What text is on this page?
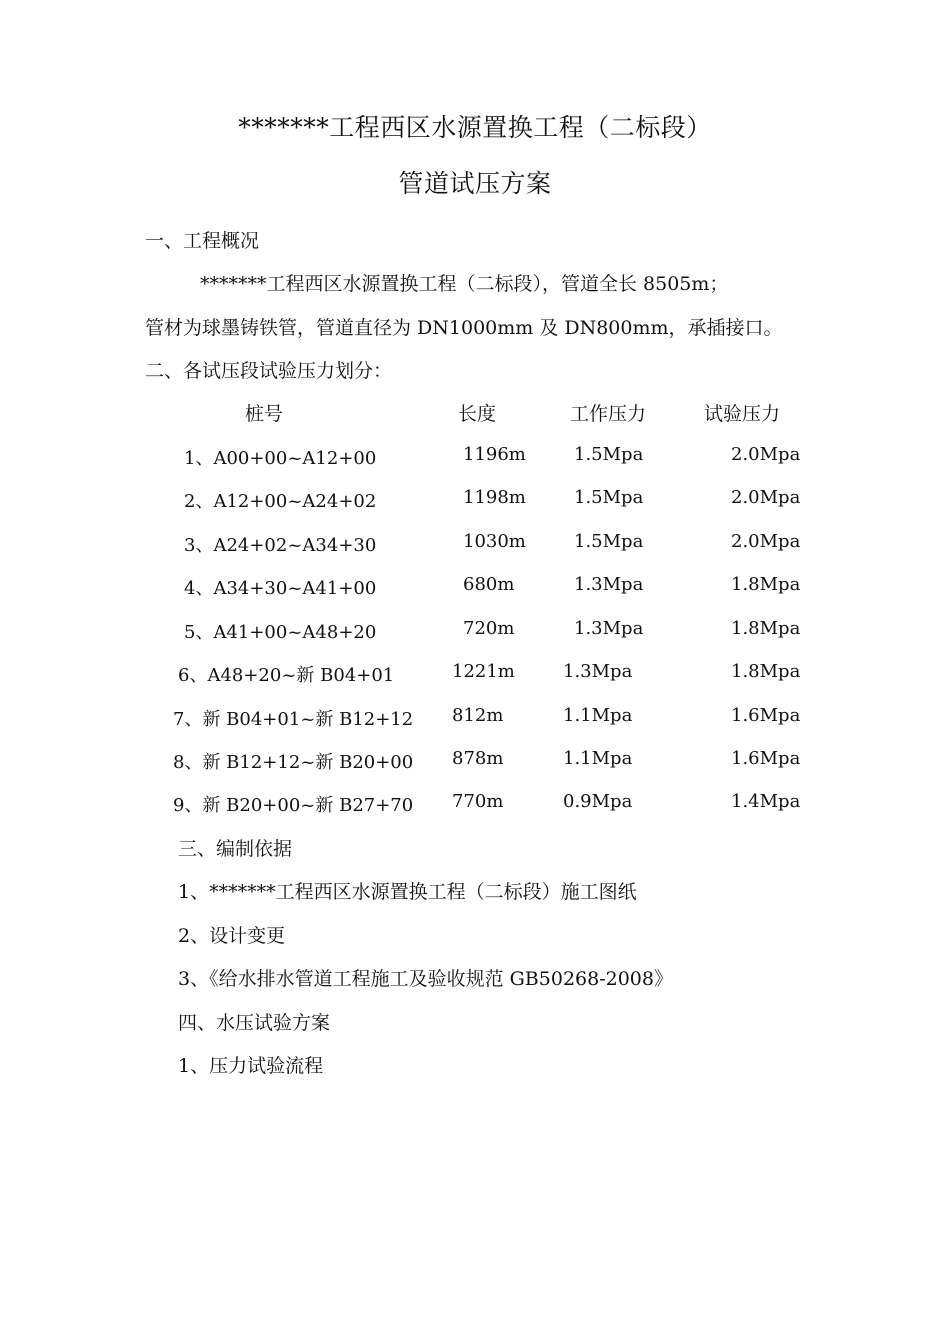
*******工程西区水源置换工程（二标段）
管道试压方案
一、工程概况
*******工程西区水源置换工程（二标段），管道全长 8505m；
管材为球墨铸铁管，管道直径为 DN1000mm 及 DN800mm，承插接口。
二、各试压段试验压力划分：
桩号	长度	工作压力	试验压力
1、A00+00~A12+00	1196m	1.5Mpa	2.0Mpa
2、A12+00~A24+02	1198m	1.5Mpa	2.0Mpa
3、A24+02~A34+30	1030m	1.5Mpa	2.0Mpa
4、A34+30~A41+00	680m	1.3Mpa	1.8Mpa
5、A41+00~A48+20	720m	1.3Mpa	1.8Mpa
6、A48+20~新 B04+01	1221m	1.3Mpa	1.8Mpa
7、新 B04+01~新 B12+12 812m	1.1Mpa	1.6Mpa
8、新 B12+12~新 B20+00 878m	1.1Mpa	1.6Mpa
9、新 B20+00~新 B27+70 770m	0.9Mpa	1.4Mpa
三、编制依据
1、*******工程西区水源置换工程（二标段）施工图纸
2、设计变更
3、《给水排水管道工程施工及验收规范 GB50268-2008》
四、水压试验方案
1、压力试验流程
